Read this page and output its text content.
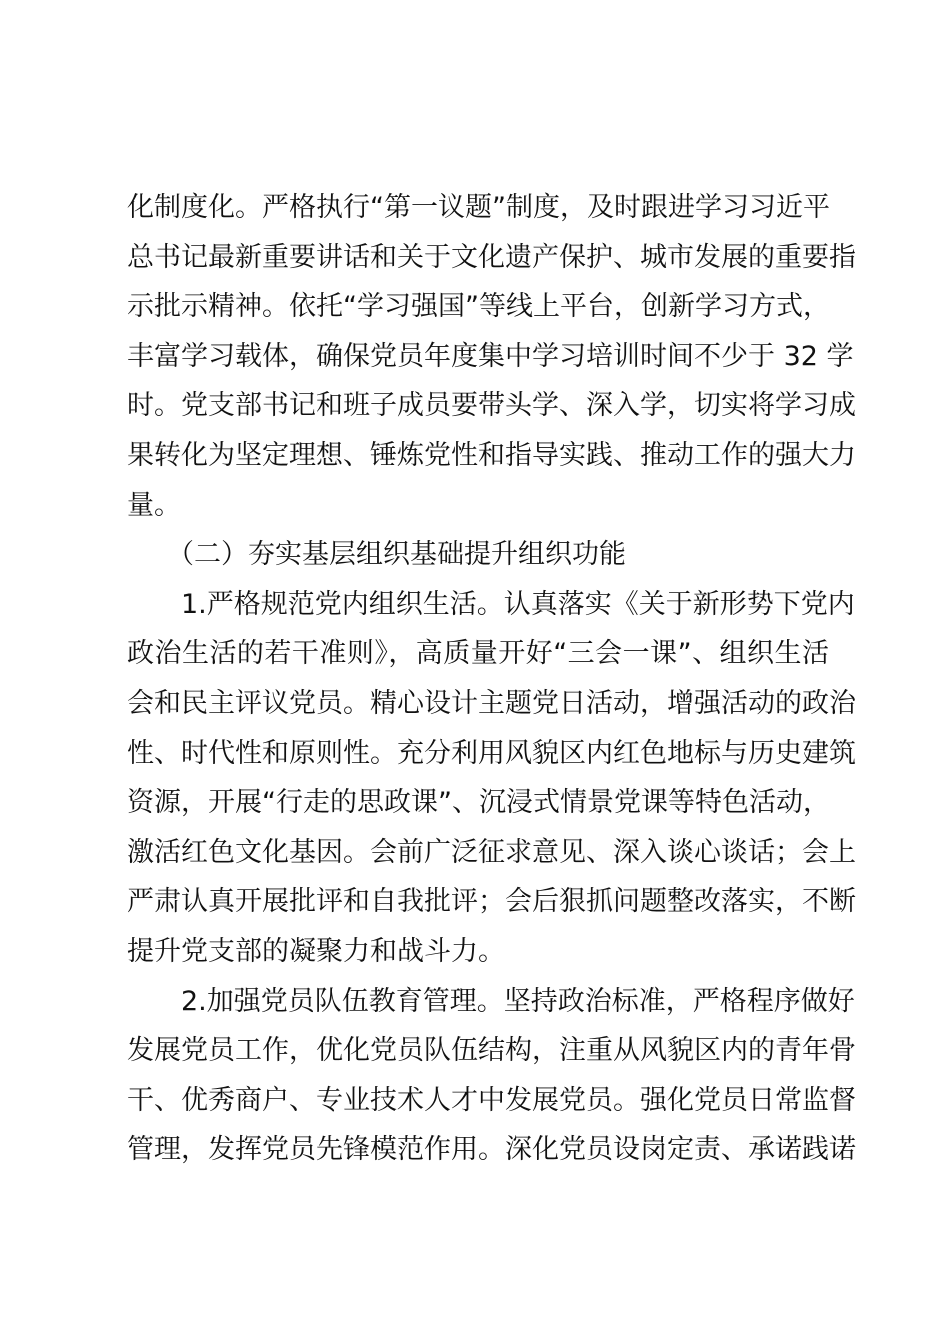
化制度化。严格执行“第一议题”制度，及时跟进学习习近平
总书记最新重要讲话和关于文化遗产保护、城市发展的重要指
示批示精神。依托“学习强国”等线上平台，创新学习方式，
丰富学习载体，确保党员年度集中学习培训时间不少于 32 学
时。党支部书记和班子成员要带头学、深入学，切实将学习成
果转化为坚定理想、锤炼党性和指导实践、推动工作的强大力
量。
（二）夯实基层组织基础提升组织功能
1.严格规范党内组织生活。认真落实《关于新形势下党内
政治生活的若干准则》，高质量开好“三会一课”、组织生活
会和民主评议党员。精心设计主题党日活动，增强活动的政治
性、时代性和原则性。充分利用风貌区内红色地标与历史建筑
资源，开展“行走的思政课”、沉浸式情景党课等特色活动，
激活红色文化基因。会前广泛征求意见、深入谈心谈话；会上
严肃认真开展批评和自我批评；会后狠抓问题整改落实，不断
提升党支部的凝聚力和战斗力。
2.加强党员队伍教育管理。坚持政治标准，严格程序做好
发展党员工作，优化党员队伍结构，注重从风貌区内的青年骨
干、优秀商户、专业技术人才中发展党员。强化党员日常监督
管理，发挥党员先锋模范作用。深化党员设岗定责、承诺践诺
